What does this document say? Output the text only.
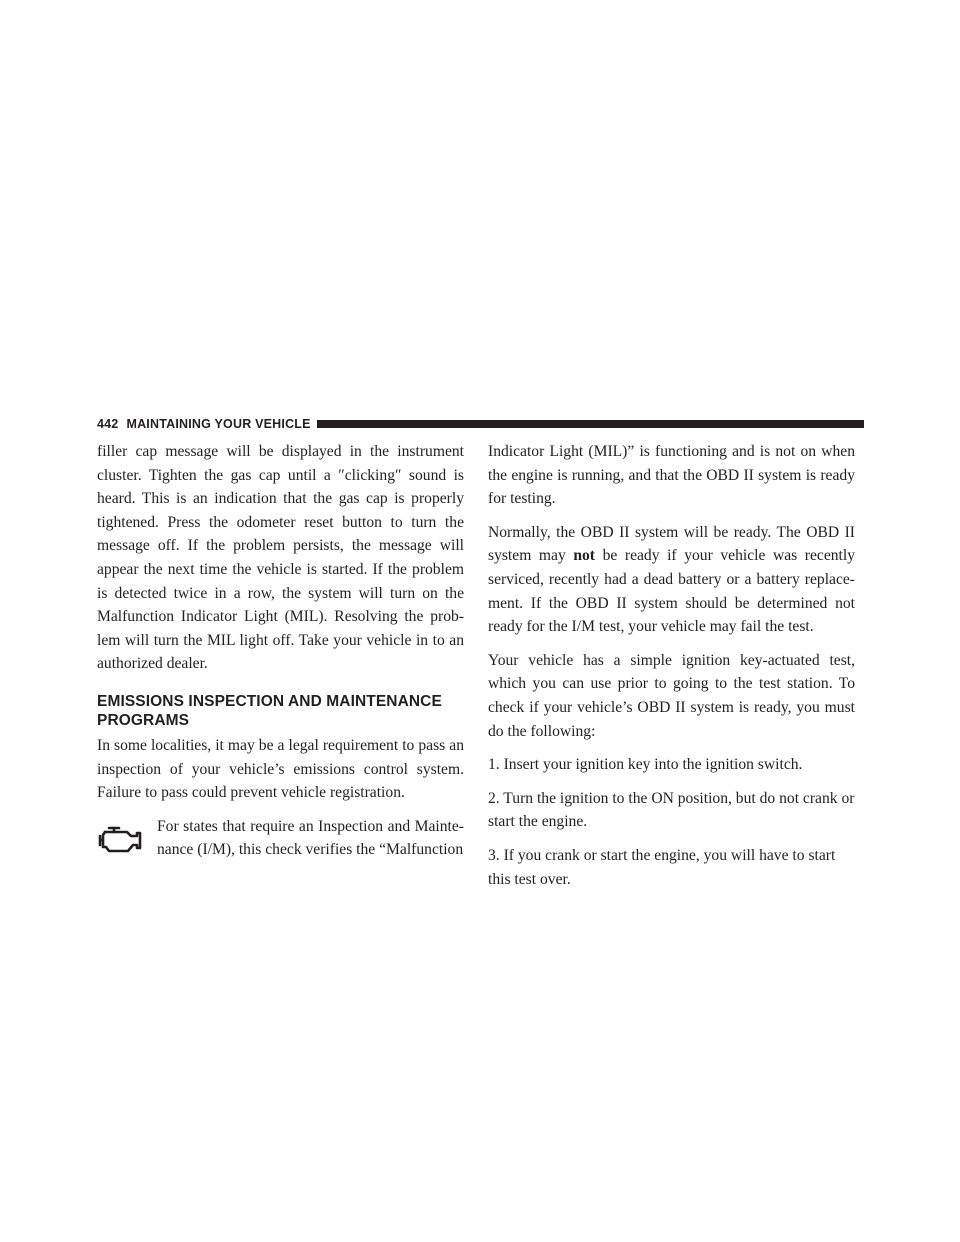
442 MAINTAINING YOUR VEHICLE

filler cap message will be displayed in the instrument cluster. Tighten the gas cap until a ″clicking″ sound is heard. This is an indication that the gas cap is properly tightened. Press the odometer reset button to turn the message off. If the problem persists, the message will appear the next time the vehicle is started. If the problem is detected twice in a row, the system will turn on the Malfunction Indicator Light (MIL). Resolving the prob-lem will turn the MIL light off. Take your vehicle in to an authorized dealer.

EMISSIONS INSPECTION AND MAINTENANCE PROGRAMS

In some localities, it may be a legal requirement to pass an inspection of your vehicle’s emissions control system. Failure to pass could prevent vehicle registration.

For states that require an Inspection and Mainte-nance (I/M), this check verifies the “Malfunction

Indicator Light (MIL)” is functioning and is not on when the engine is running, and that the OBD II system is ready for testing.

Normally, the OBD II system will be ready. The OBD II system may not be ready if your vehicle was recently serviced, recently had a dead battery or a battery replace-ment. If the OBD II system should be determined not ready for the I/M test, your vehicle may fail the test.

Your vehicle has a simple ignition key-actuated test, which you can use prior to going to the test station. To check if your vehicle’s OBD II system is ready, you must do the following:

1. Insert your ignition key into the ignition switch.

2. Turn the ignition to the ON position, but do not crank or start the engine.

3. If you crank or start the engine, you will have to start this test over.
